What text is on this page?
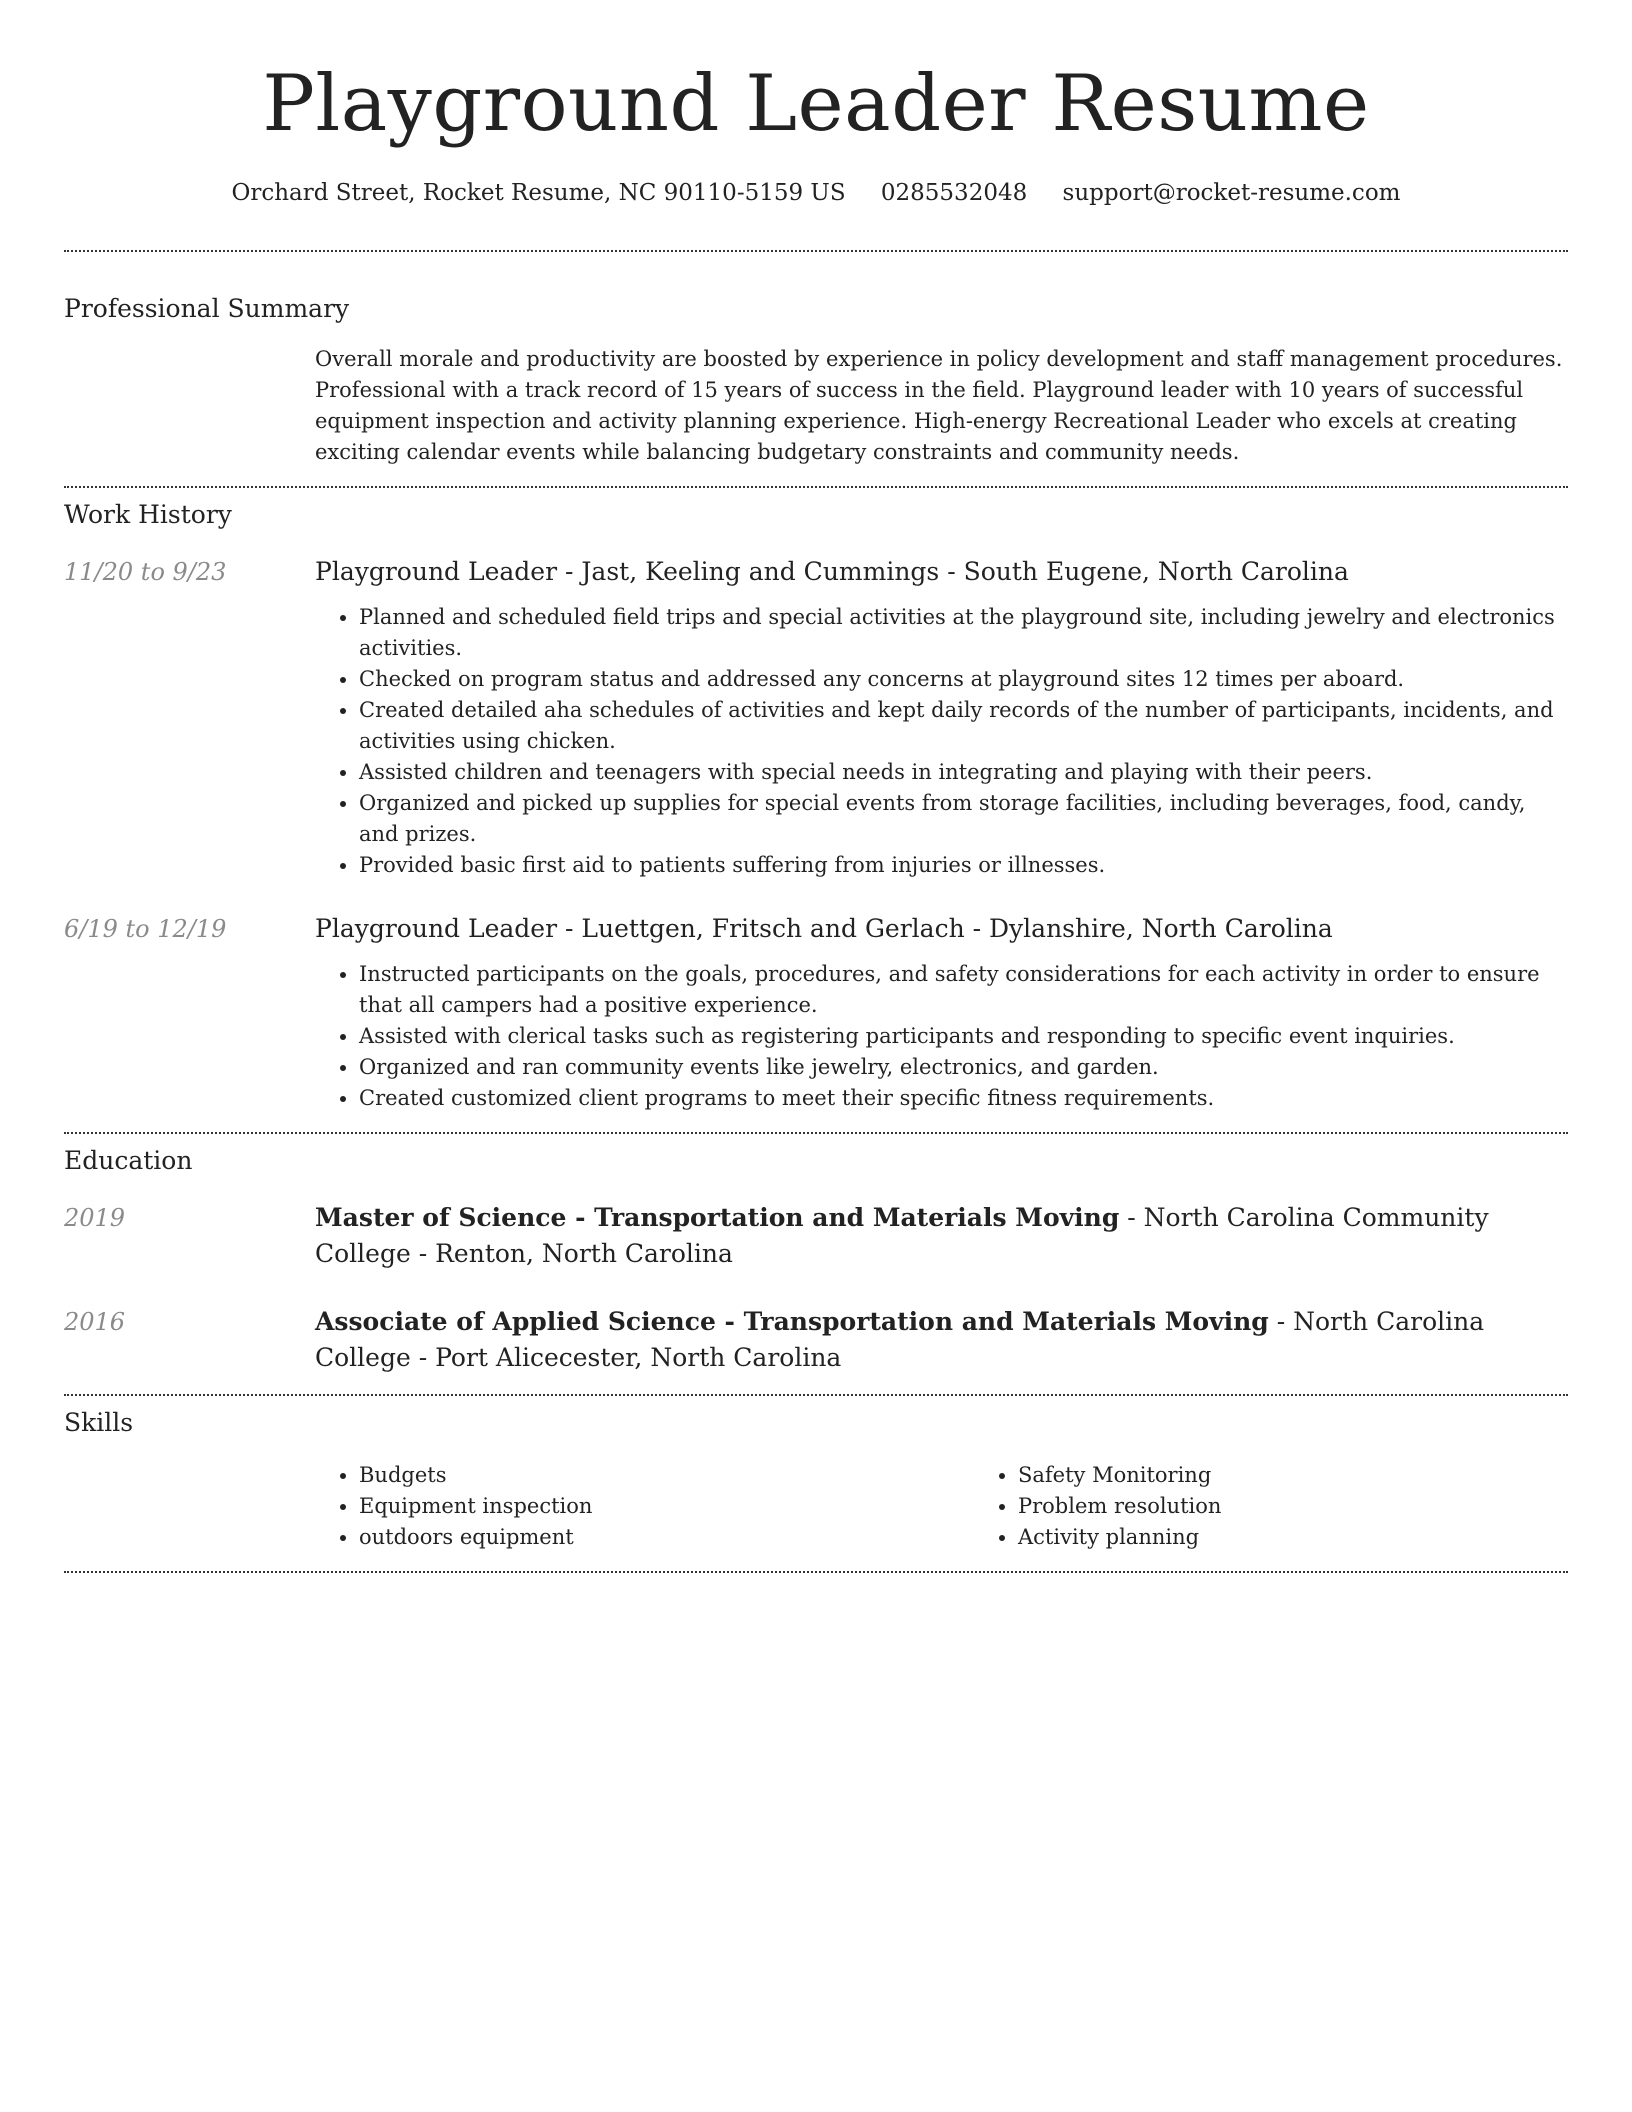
Playground Leader Resume
Orchard Street, Rocket Resume, NC 90110-5159 US 0285532048 support@rocket-resume.com
Professional Summary

Overall morale and productivity are boosted by experience in policy development and staff management procedures. Professional with a track record of 15 years of success in the field. Playground leader with 10 years of successful equipment inspection and activity planning experience. High-energy Recreational Leader who excels at creating exciting calendar events while balancing budgetary constraints and community needs.

Work History
11/20 to 9/23	Playground Leader - Jast, Keeling and Cummings - South Eugene, North Carolina

• Planned and scheduled field trips and special activities at the playground site, including jewelry and electronics activities.
• Checked on program status and addressed any concerns at playground sites 12 times per aboard.
• Created detailed aha schedules of activities and kept daily records of the number of participants, incidents, and activities using chicken.
• Assisted children and teenagers with special needs in integrating and playing with their peers.
• Organized and picked up supplies for special events from storage facilities, including beverages, food, candy, and prizes.
• Provided basic first aid to patients suffering from injuries or illnesses.
6/19 to 12/19	Playground Leader - Luettgen, Fritsch and Gerlach - Dylanshire, North Carolina

• Instructed participants on the goals, procedures, and safety considerations for each activity in order to ensure that all campers had a positive experience.
• Assisted with clerical tasks such as registering participants and responding to specific event inquiries.
• Organized and ran community events like jewelry, electronics, and garden.
• Created customized client programs to meet their specific fitness requirements.
Education
2019	Master of Science - Transportation and Materials Moving - North Carolina Community College - Renton, North Carolina

2016	Associate of Applied Science - Transportation and Materials Moving - North Carolina College - Port Alicecester, North Carolina

Skills
• Budgets
• Equipment inspection
• outdoors equipment
• Safety Monitoring
• Problem resolution
• Activity planning
